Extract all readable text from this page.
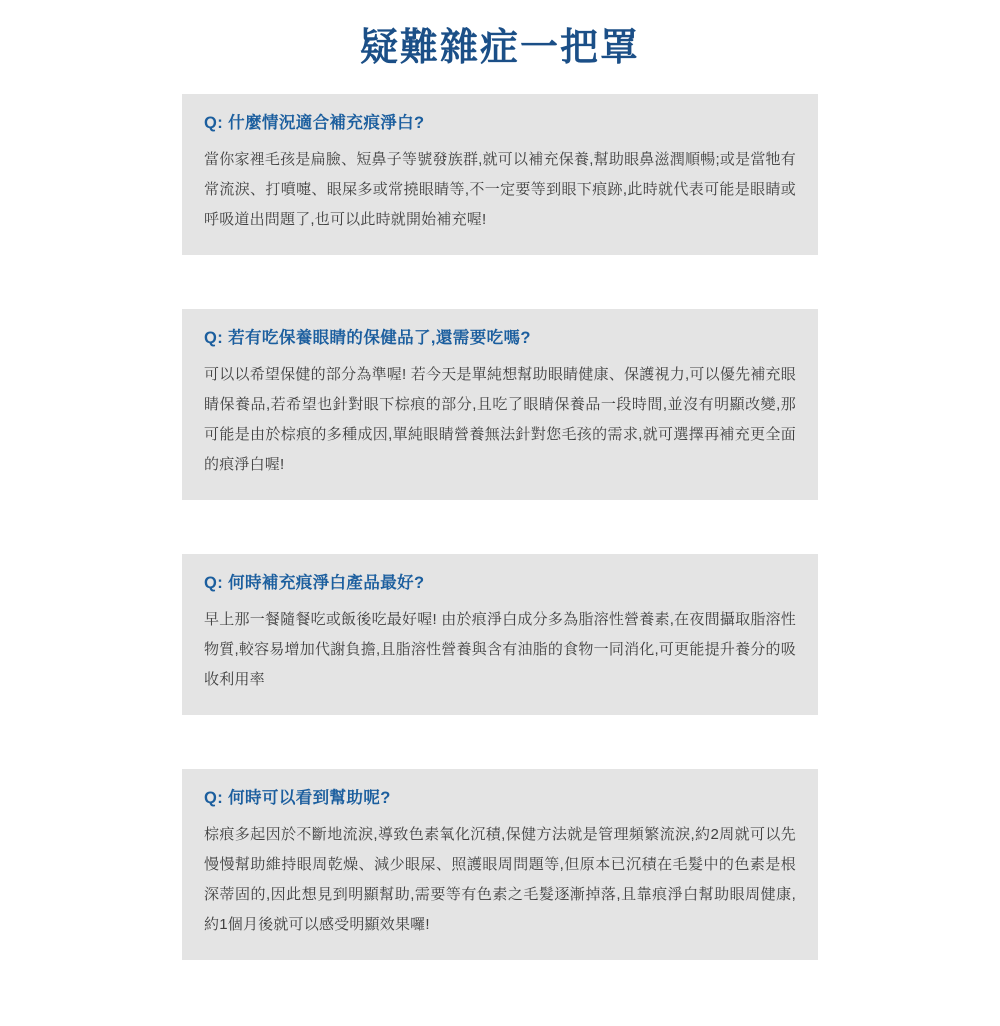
疑難雜症一把罩
Q: 什麼情況適合補充痕淨白?
當你家裡毛孩是扁臉、短鼻子等號發族群,就可以補充保養,幫助眼鼻滋潤順暢;或是當牠有常流淚、打噴嚏、眼屎多或常撓眼睛等,不一定要等到眼下痕跡,此時就代表可能是眼睛或呼吸道出問題了,也可以此時就開始補充喔!
Q: 若有吃保養眼睛的保健品了,還需要吃嗎?
可以以希望保健的部分為準喔! 若今天是單純想幫助眼睛健康、保護視力,可以優先補充眼睛保養品,若希望也針對眼下棕痕的部分,且吃了眼睛保養品一段時間,並沒有明顯改變,那可能是由於棕痕的多種成因,單純眼睛營養無法針對您毛孩的需求,就可選擇再補充更全面的痕淨白喔!
Q: 何時補充痕淨白產品最好?
早上那一餐隨餐吃或飯後吃最好喔! 由於痕淨白成分多為脂溶性營養素,在夜間攝取脂溶性物質,較容易增加代謝負擔,且脂溶性營養與含有油脂的食物一同消化,可更能提升養分的吸收利用率
Q: 何時可以看到幫助呢?
棕痕多起因於不斷地流淚,導致色素氧化沉積,保健方法就是管理頻繁流淚,約2周就可以先慢慢幫助維持眼周乾燥、減少眼屎、照護眼周問題等,但原本已沉積在毛髮中的色素是根深蒂固的,因此想見到明顯幫助,需要等有色素之毛髮逐漸掉落,且靠痕淨白幫助眼周健康,約1個月後就可以感受明顯效果囉!
